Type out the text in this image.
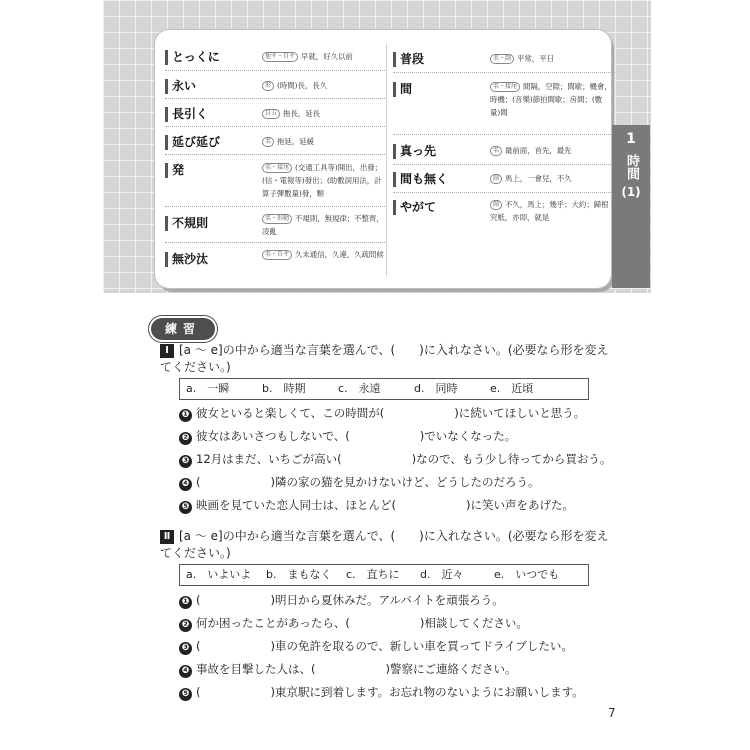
とっくに	他サ・自サ 早就，好久以前
永い	形 (時間)長，長久
長引く	自五 拖長，延長
延び延び	名 拖延，延緩
発	名・接尾 (交通工具等)開出，出發；(信・電報等)發出；(助數詞用法，計算子彈數量)發，顆
不規則	名・形動 不規則，無規律；不整齊，凌亂
無沙汰	名・自サ 久未通信，久違，久疏問候
普段	名・副 平常，平日
間	名・接尾 間隔，空隙；間歇；機會，時機；(音樂)節拍間歇；房間；(數量)間
真っ先	名 最前面，首先，最先
間も無く	副 馬上，一會兒，不久
やがて	副 不久，馬上；幾乎；大約；歸根究柢，亦即，就是
1
時間
(1)
練習
Ⅰ [a ～ e]の中から適当な言葉を選んで、(　　)に入れなさい。(必要なら形を変えてください。)
a.　一瞬	b.　時期	c.　永遠	d.　同時	e.　近頃
❶ 彼女といると楽しくて、この時間が(	)に続いてほしいと思う。
❷ 彼女はあいさつもしないで、(	)でいなくなった。
❸ 12月はまだ、いちごが高い(	)なので、もう少し待ってから買おう。
❹ (	)隣の家の猫を見かけないけど、どうしたのだろう。
❺ 映画を見ていた恋人同士は、ほとんど(	)に笑い声をあげた。
Ⅱ [a ～ e]の中から適当な言葉を選んで、(　　)に入れなさい。(必要なら形を変えてください。)
a.　いよいよ b.　まもなく c.　直ちに d.　近々	e.　いつでも
❶ (	)明日から夏休みだ。アルバイトを頑張ろう。
❷ 何か困ったことがあったら、(	)相談してください。
❸ (	)車の免許を取るので、新しい車を買ってドライブしたい。
❹ 事故を目撃した人は、(	)警察にご連絡ください。
❺ (	)東京駅に到着します。お忘れ物のないようにお願いします。
7
